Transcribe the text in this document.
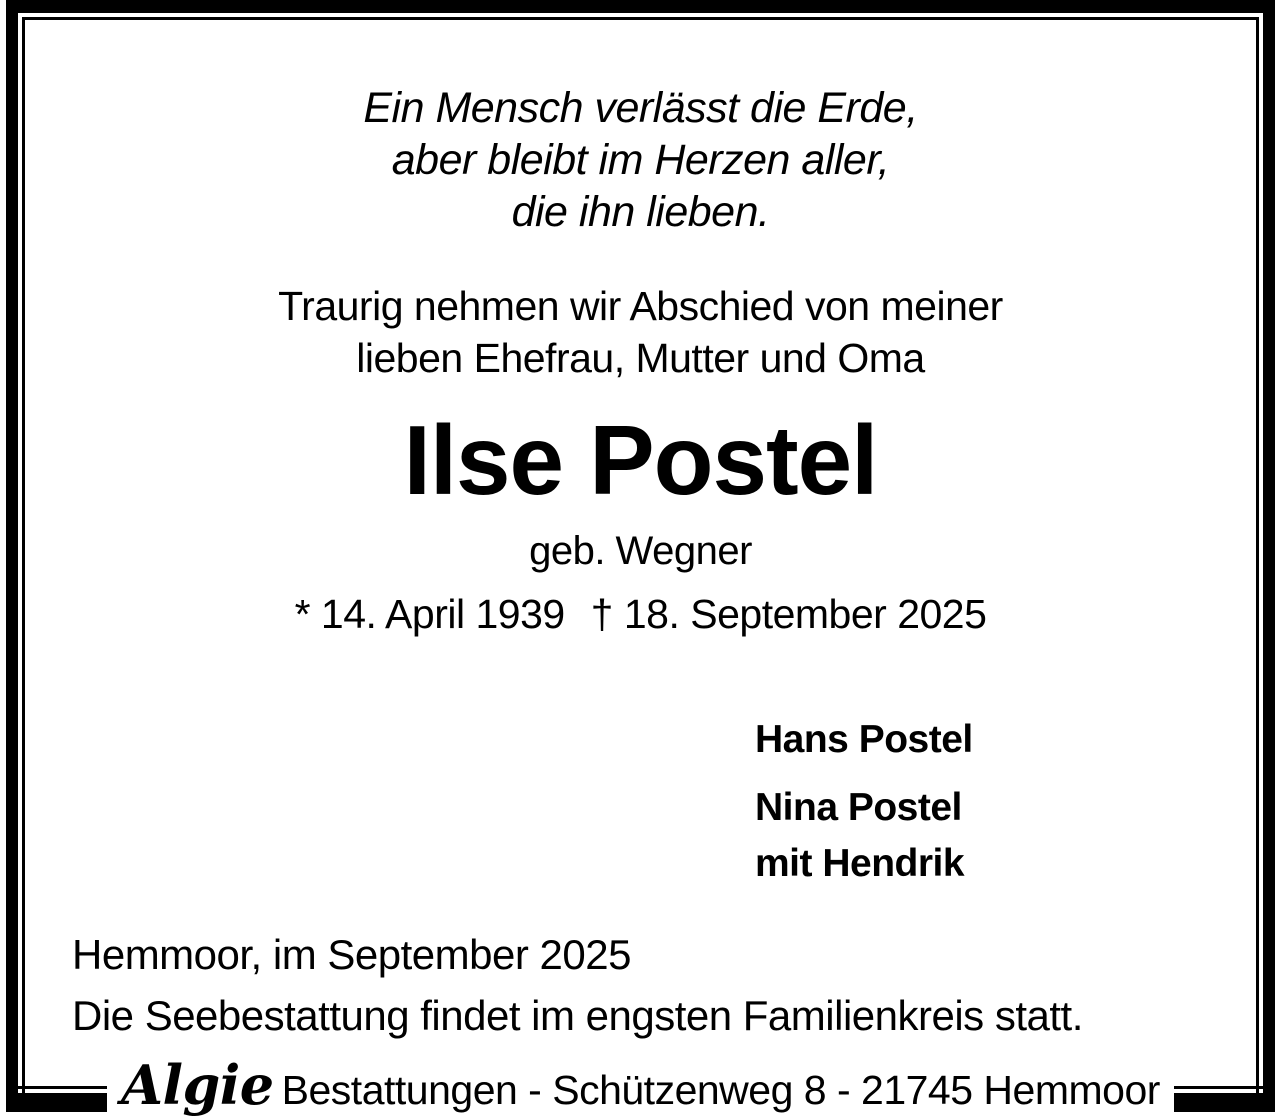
Ein Mensch verlässt die Erde,
aber bleibt im Herzen aller,
die ihn lieben.
Traurig nehmen wir Abschied von meiner
lieben Ehefrau, Mutter und Oma
Ilse Postel
geb. Wegner
* 14. April 1939 † 18. September 2025
Hans Postel
Nina Postel
mit Hendrik
Hemmoor, im September 2025
Die Seebestattung findet im engsten Familienkreis statt.
Algie Bestattungen - Schützenweg 8 - 21745 Hemmoor
